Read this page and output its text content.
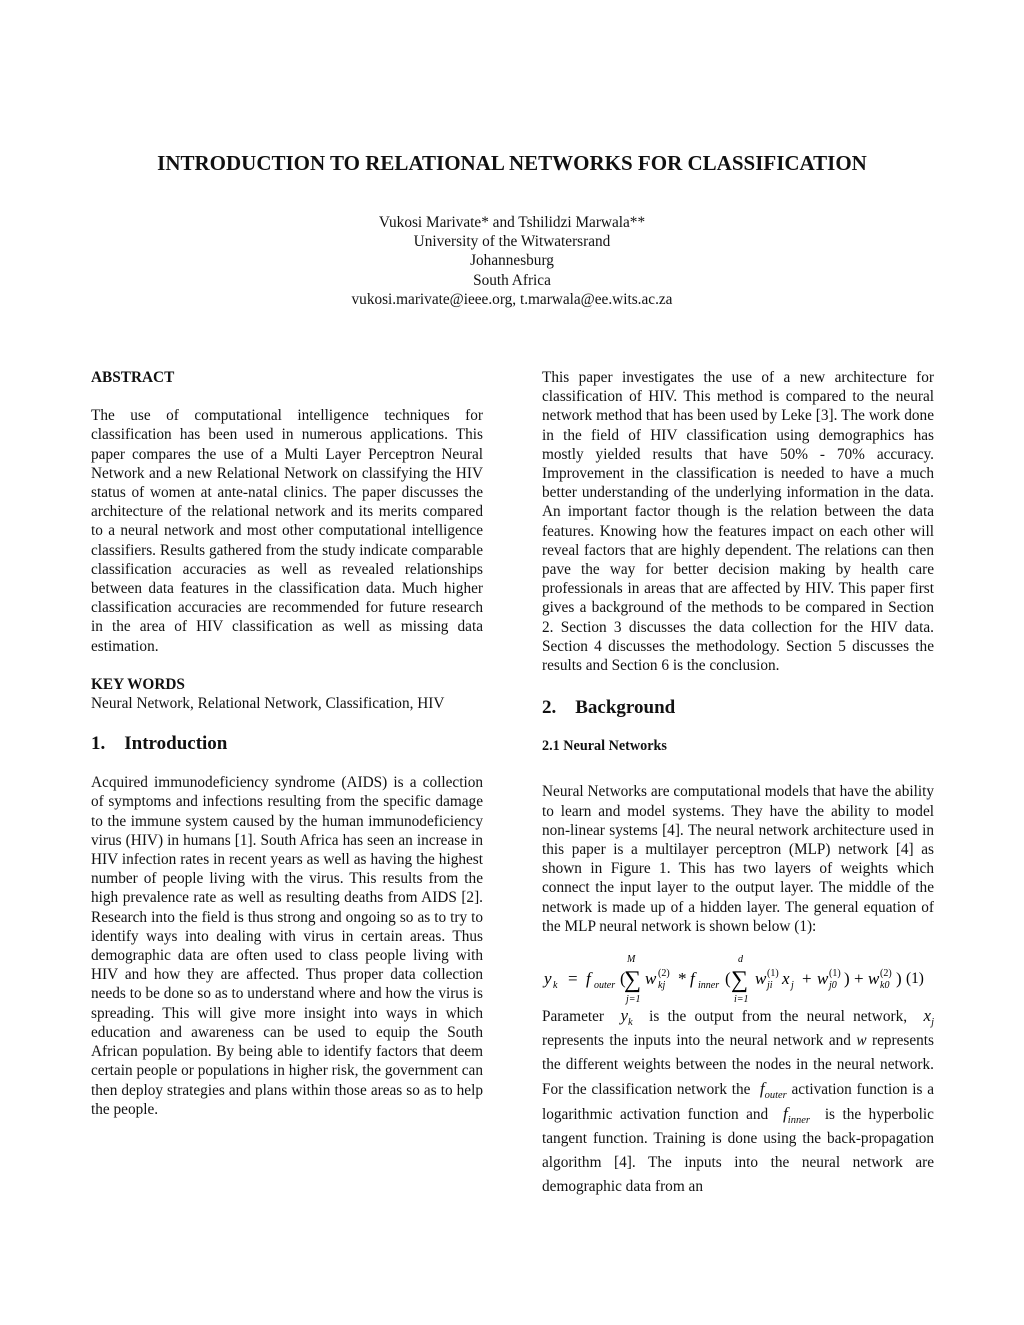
INTRODUCTION TO RELATIONAL NETWORKS FOR CLASSIFICATION
Vukosi Marivate* and Tshilidzi Marwala**
University of the Witwatersrand
Johannesburg
South Africa
vukosi.marivate@ieee.org, t.marwala@ee.wits.ac.za
ABSTRACT

The use of computational intelligence techniques for classification has been used in numerous applications. This paper compares the use of a Multi Layer Perceptron Neural Network and a new Relational Network on classifying the HIV status of women at ante-natal clinics. The paper discusses the architecture of the relational network and its merits compared to a neural network and most other computational intelligence classifiers. Results gathered from the study indicate comparable classification accuracies as well as revealed relationships between data features in the classification data. Much higher classification accuracies are recommended for future research in the area of HIV classification as well as missing data estimation.

KEY WORDS

Neural Network, Relational Network, Classification, HIV

1. Introduction

Acquired immunodeficiency syndrome (AIDS) is a collection of symptoms and infections resulting from the specific damage to the immune system caused by the human immunodeficiency virus (HIV) in humans [1]. South Africa has seen an increase in HIV infection rates in recent years as well as having the highest number of people living with the virus. This results from the high prevalence rate as well as resulting deaths from AIDS [2]. Research into the field is thus strong and ongoing so as to try to identify ways into dealing with virus in certain areas. Thus demographic data are often used to class people living with HIV and how they are affected. Thus proper data collection needs to be done so as to understand where and how the virus is spreading. This will give more insight into ways in which education and awareness can be used to equip the South African population. By being able to identify factors that deem certain people or populations in higher risk, the government can then deploy strategies and plans within those areas so as to help the people.

This paper investigates the use of a new architecture for classification of HIV. This method is compared to the neural network method that has been used by Leke [3]. The work done in the field of HIV classification using demographics has mostly yielded results that have 50% - 70% accuracy. Improvement in the classification is needed to have a much better understanding of the underlying information in the data. An important factor though is the relation between the data features. Knowing how the features impact on each other will reveal factors that are highly dependent. The relations can then pave the way for better decision making by health care professionals in areas that are affected by HIV. This paper first gives a background of the methods to be compared in Section 2. Section 3 discusses the data collection for the HIV data. Section 4 discusses the methodology. Section 5 discusses the results and Section 6 is the conclusion.

2. Background
2.1 Neural Networks

Neural Networks are computational models that have the ability to learn and model systems. They have the ability to model non-linear systems [4]. The neural network architecture used in this paper is a multilayer perceptron (MLP) network [4] as shown in Figure 1. This has two layers of weights which connect the input layer to the output layer. The middle of the network is made up of a hidden layer. The general equation of the MLP neural network is shown below (1):

y k = f outer (
M
∑
j=1
w (2)
kj * f inner (
d
∑
i=1
w (1)
ji x j + w (1)
j0 ) + w (2)
k0 ) (1)

Parameter $y_k$ is the output from the neural network, $x_j$ represents the inputs into the neural network and w represents the different weights between the nodes in the neural network. For the classification network the $f_{outer}$ activation function is a logarithmic activation function and $f_{inner}$ is the hyperbolic tangent function. Training is done using the back-propagation algorithm [4]. The inputs into the neural network are demographic data from an
